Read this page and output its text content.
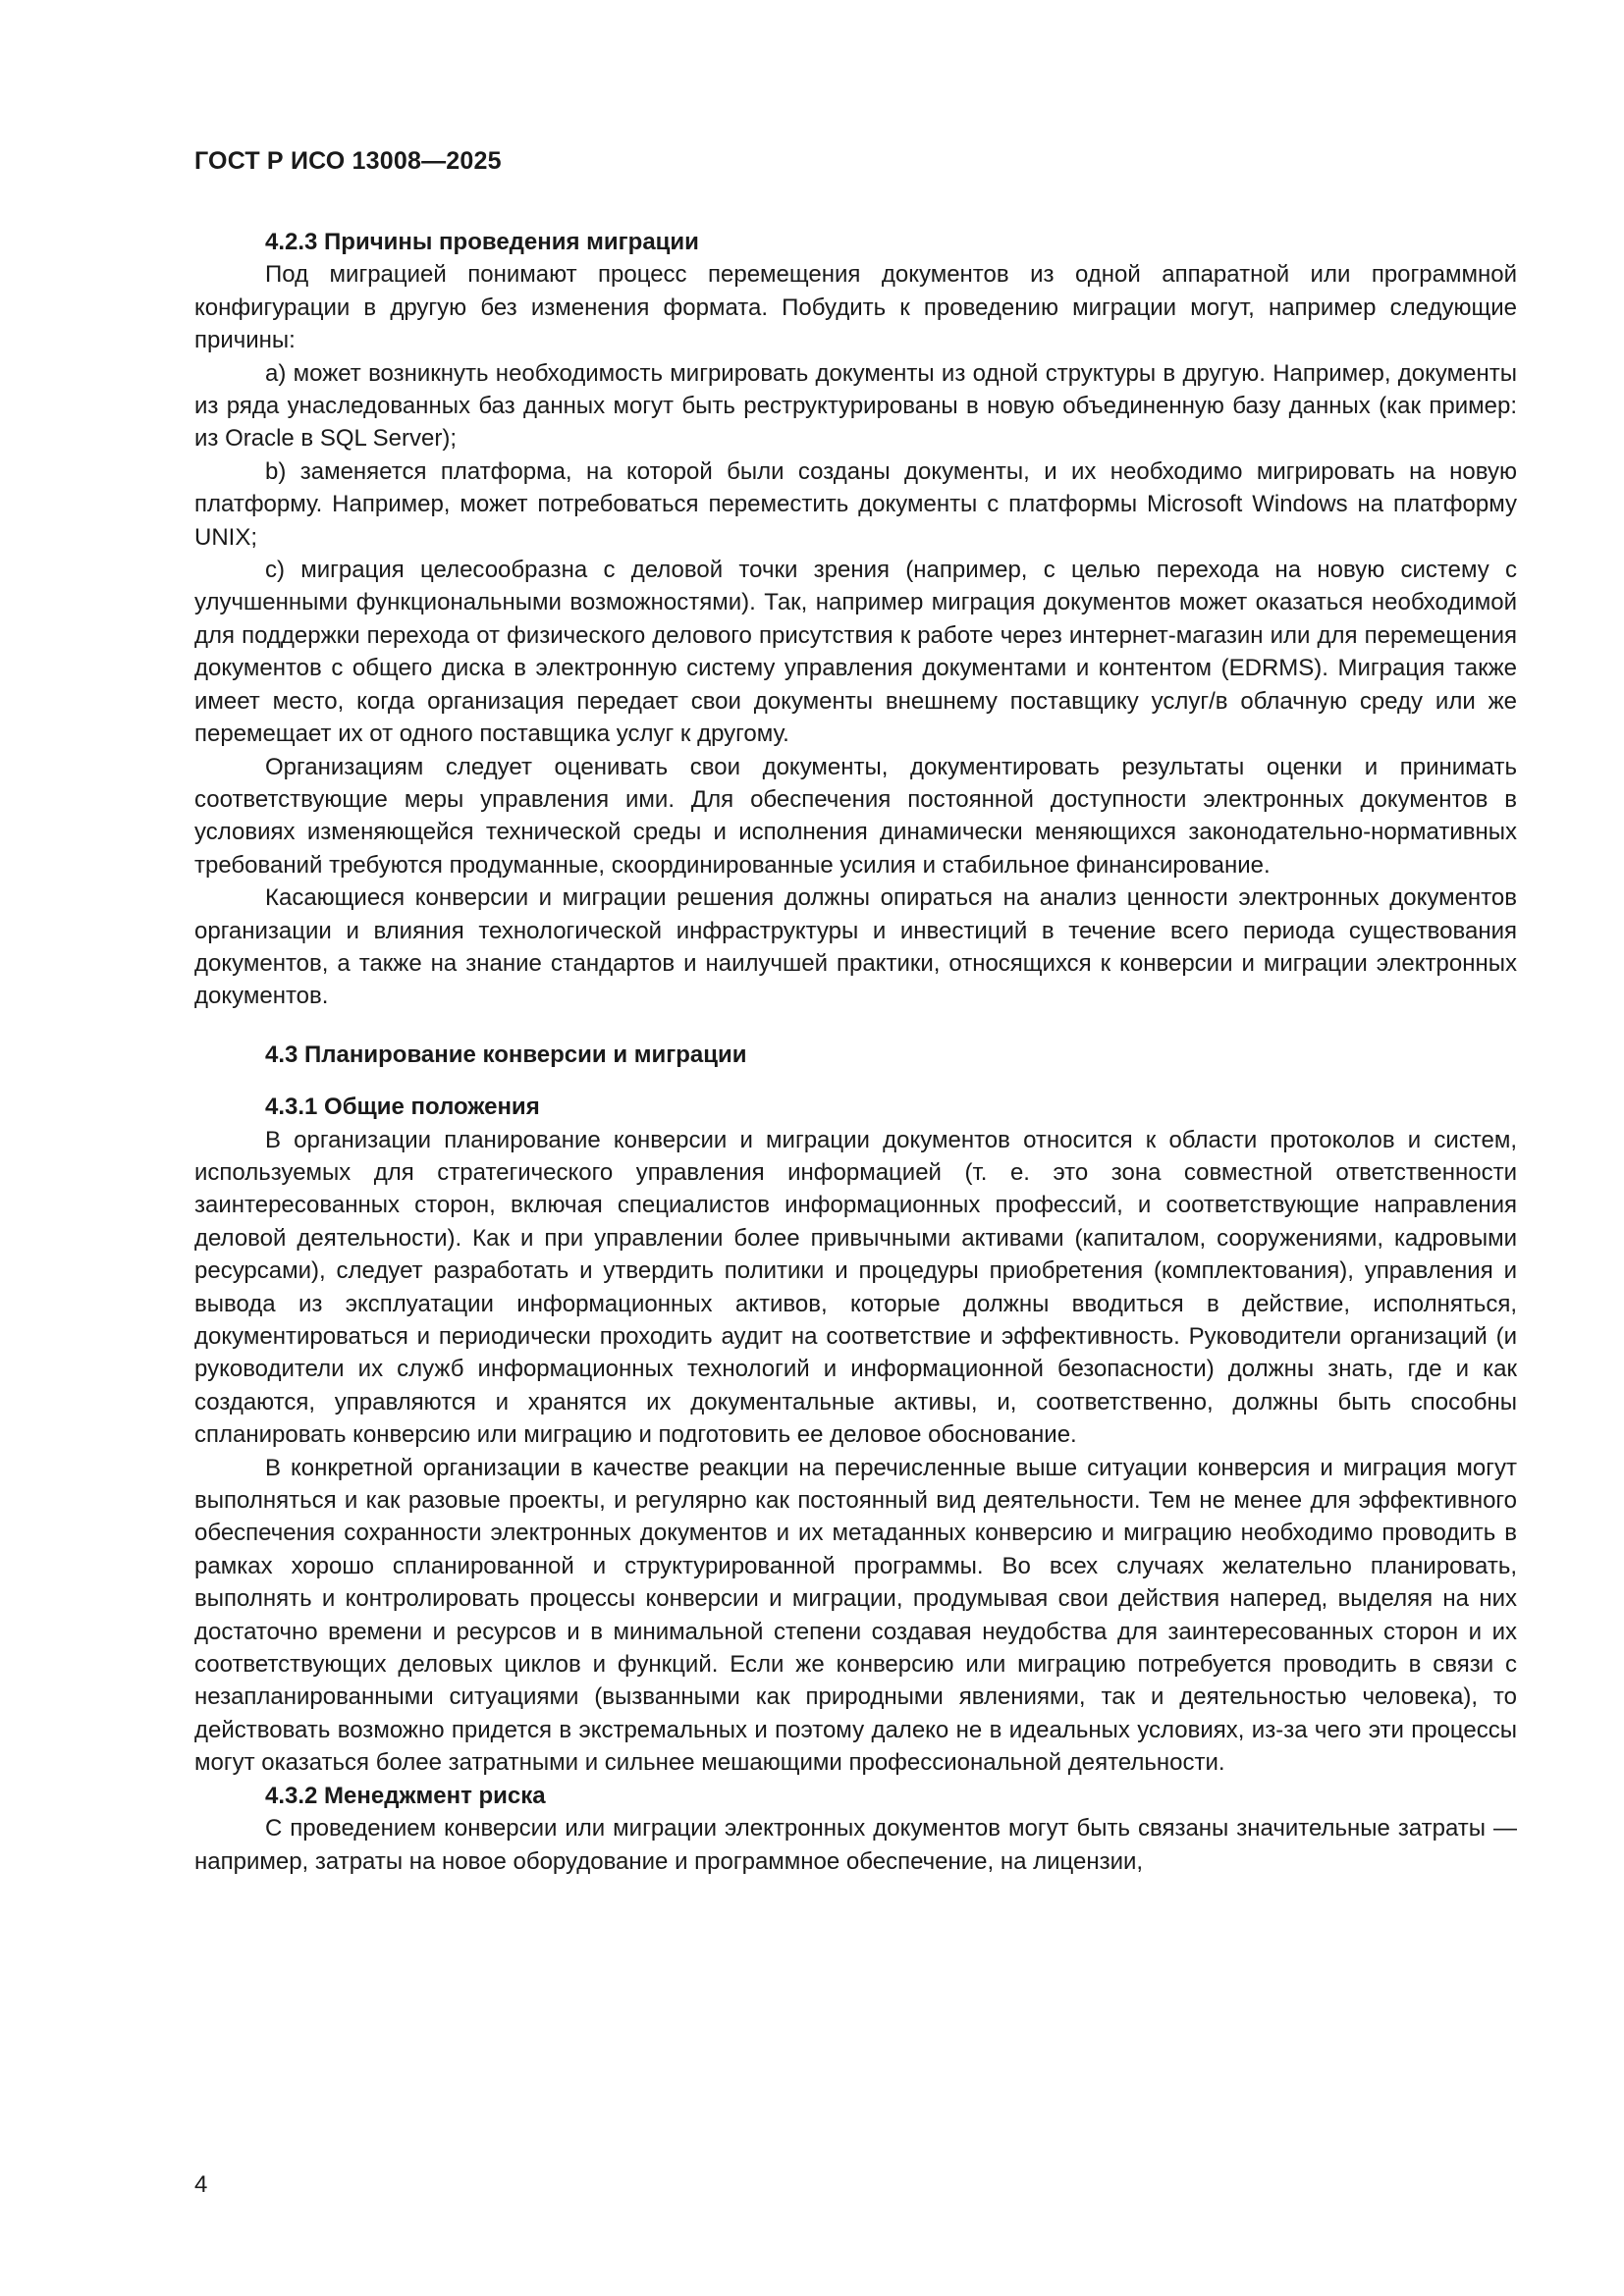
ГОСТ Р ИСО 13008—2025
4.2.3 Причины проведения миграции

Под миграцией понимают процесс перемещения документов из одной аппаратной или программной конфигурации в другую без изменения формата. Побудить к проведению миграции могут, например следующие причины:

a) может возникнуть необходимость мигрировать документы из одной структуры в другую. Например, документы из ряда унаследованных баз данных могут быть реструктурированы в новую объединенную базу данных (как пример: из Oracle в SQL Server);

b) заменяется платформа, на которой были созданы документы, и их необходимо мигрировать на новую платформу. Например, может потребоваться переместить документы с платформы Microsoft Windows на платформу UNIX;

c) миграция целесообразна с деловой точки зрения (например, с целью перехода на новую систему с улучшенными функциональными возможностями). Так, например миграция документов может оказаться необходимой для поддержки перехода от физического делового присутствия к работе через интернет-магазин или для перемещения документов с общего диска в электронную систему управления документами и контентом (EDRMS). Миграция также имеет место, когда организация передает свои документы внешнему поставщику услуг/в облачную среду или же перемещает их от одного поставщика услуг к другому.

Организациям следует оценивать свои документы, документировать результаты оценки и принимать соответствующие меры управления ими. Для обеспечения постоянной доступности электронных документов в условиях изменяющейся технической среды и исполнения динамически меняющихся законодательно-нормативных требований требуются продуманные, скоординированные усилия и стабильное финансирование.

Касающиеся конверсии и миграции решения должны опираться на анализ ценности электронных документов организации и влияния технологической инфраструктуры и инвестиций в течение всего периода существования документов, а также на знание стандартов и наилучшей практики, относящихся к конверсии и миграции электронных документов.

4.3 Планирование конверсии и миграции
4.3.1 Общие положения

В организации планирование конверсии и миграции документов относится к области протоколов и систем, используемых для стратегического управления информацией (т. е. это зона совместной ответственности заинтересованных сторон, включая специалистов информационных профессий, и соответствующие направления деловой деятельности). Как и при управлении более привычными активами (капиталом, сооружениями, кадровыми ресурсами), следует разработать и утвердить политики и процедуры приобретения (комплектования), управления и вывода из эксплуатации информационных активов, которые должны вводиться в действие, исполняться, документироваться и периодически проходить аудит на соответствие и эффективность. Руководители организаций (и руководители их служб информационных технологий и информационной безопасности) должны знать, где и как создаются, управляются и хранятся их документальные активы, и, соответственно, должны быть способны спланировать конверсию или миграцию и подготовить ее деловое обоснование.

В конкретной организации в качестве реакции на перечисленные выше ситуации конверсия и миграция могут выполняться и как разовые проекты, и регулярно как постоянный вид деятельности. Тем не менее для эффективного обеспечения сохранности электронных документов и их метаданных конверсию и миграцию необходимо проводить в рамках хорошо спланированной и структурированной программы. Во всех случаях желательно планировать, выполнять и контролировать процессы конверсии и миграции, продумывая свои действия наперед, выделяя на них достаточно времени и ресурсов и в минимальной степени создавая неудобства для заинтересованных сторон и их соответствующих деловых циклов и функций. Если же конверсию или миграцию потребуется проводить в связи с незапланированными ситуациями (вызванными как природными явлениями, так и деятельностью человека), то действовать возможно придется в экстремальных и поэтому далеко не в идеальных условиях, из-за чего эти процессы могут оказаться более затратными и сильнее мешающими профессиональной деятельности.

4.3.2 Менеджмент риска

С проведением конверсии или миграции электронных документов могут быть связаны значительные затраты — например, затраты на новое оборудование и программное обеспечение, на лицензии,

4
